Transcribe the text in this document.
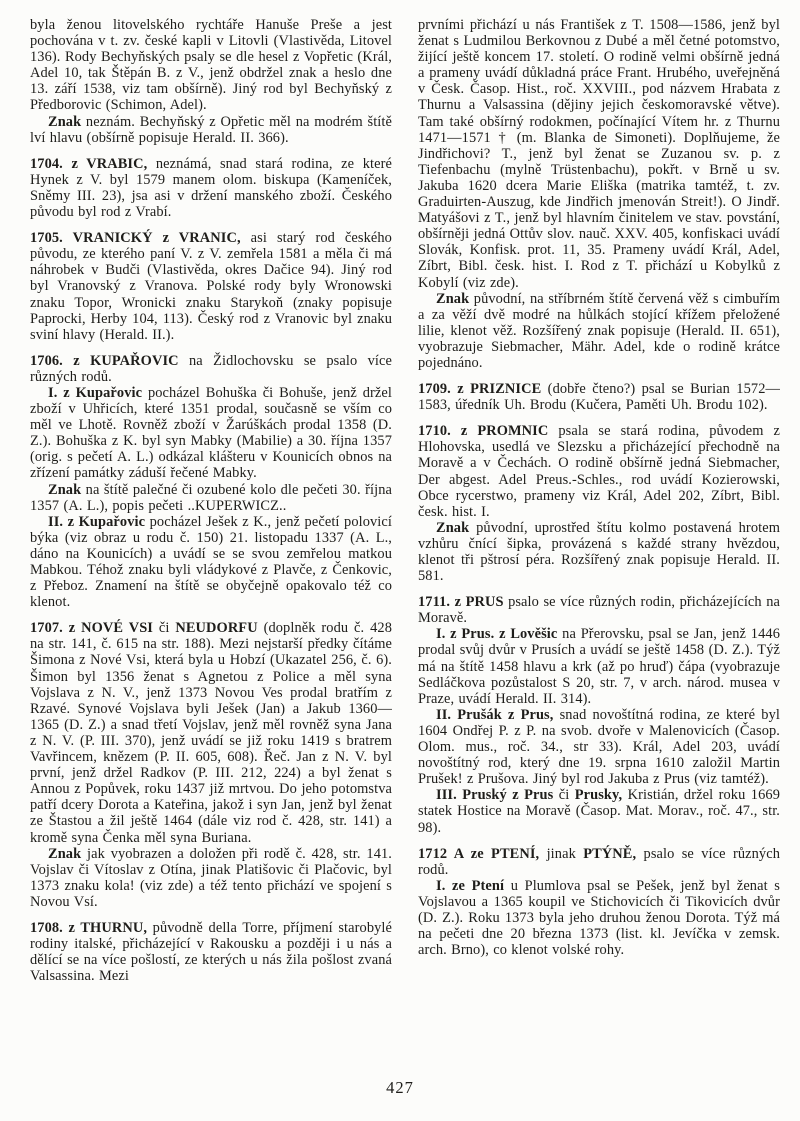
byla ženou litovelského rychtáře Hanuše Preše a jest pochována v t. zv. české kapli v Litovli (Vlastivěda, Litovel 136). Rody Bechyňských psaly se dle hesel z Vopřetic (Král, Adel 10, tak Štěpán B. z V., jenž obdržel znak a heslo dne 13. září 1538, viz tam obšírně). Jiný rod byl Bechyňský z Předborovic (Schimon, Adel).

Znak neznám. Bechyňský z Opřetic měl na modrém štítě lví hlavu (obšírně popisuje Herald. II. 366).

1704. z VRABIC, neznámá, snad stará rodina, ze které Hynek z V. byl 1579 manem olom. biskupa (Kameníček, Sněmy III. 23), jsa asi v držení manského zboží. Českého původu byl rod z Vrabí.

1705. VRANICKÝ z VRANIC, asi starý rod českého původu, ze kterého paní V. z V. zemřela 1581 a měla či má náhrobek v Budči (Vlastivěda, okres Dačice 94). Jiný rod byl Vranovský z Vranova. Polské rody byly Wronowski znaku Topor, Wronicki znaku Starykoň (znaky popisuje Paprocki, Herby 104, 113). Český rod z Vranovic byl znaku sviní hlavy (Herald. II.).

1706. z KUPAŘOVIC na Židlochovsku se psalo více různých rodů.

I. z Kupařovic pocházel Bohuška či Bohuše, jenž držel zboží v Uhřicích, které 1351 prodal, současně se vším co měl ve Lhotě. Rovněž zboží v Žarúškách prodal 1358 (D. Z.). Bohuška z K. byl syn Mabky (Mabilie) a 30. října 1357 (orig. s pečetí A. L.) odkázal klášteru v Kounicích obnos na zřízení památky záduší řečené Mabky.

Znak na štítě palečné či ozubené kolo dle pečeti 30. října 1357 (A. L.), popis pečeti ..KUPERWICZ..

II. z Kupařovic pocházel Ješek z K., jenž pečetí polovicí býka (viz obraz u rodu č. 150) 21. listopadu 1337 (A. L., dáno na Kounicích) a uvádí se se svou zemřelou matkou Mabkou. Téhož znaku byli vládykové z Plavče, z Čenkovic, z Přeboz. Znamení na štítě se obyčejně opakovalo též co klenot.

1707. z NOVÉ VSI či NEUDORFU (doplněk rodu č. 428 na str. 141, č. 615 na str. 188). Mezi nejstarší předky čítáme Šimona z Nové Vsi, která byla u Hobzí (Ukazatel 256, č. 6). Šimon byl 1356 ženat s Agnetou z Police a měl syna Vojslava z N. V., jenž 1373 Novou Ves prodal bratřím z Rzavé. Synové Vojslava byli Ješek (Jan) a Jakub 1360—1365 (D. Z.) a snad třetí Vojslav, jenž měl rovněž syna Jana z N. V. (P. III. 370), jenž uvádí se již roku 1419 s bratrem Vavřincem, knězem (P. II. 605, 608). Řeč. Jan z N. V. byl první, jenž držel Radkov (P. III. 212, 224) a byl ženat s Annou z Popůvek, roku 1437 již mrtvou. Do jeho potomstva patří dcery Dorota a Kateřina, jakož i syn Jan, jenž byl ženat ze Štastou a žil ještě 1464 (dále viz rod č. 428, str. 141) a kromě syna Čenka měl syna Buriana.

Znak jak vyobrazen a doložen při rodě č. 428, str. 141. Vojslav či Vítoslav z Otína, jinak Platišovic či Plačovic, byl 1373 znaku kola! (viz zde) a též tento přichází ve spojení s Novou Vsí.

1708. z THURNU, původně della Torre, příjmení starobylé rodiny italské, přicházející v Rakousku a později i u nás a dělící se na více pošlostí, ze kterých u nás žila pošlost zvaná Valsassina. Mezi

prvními přichází u nás František z T. 1508—1586, jenž byl ženat s Ludmilou Berkovnou z Dubé a měl četné potomstvo, žijící ještě koncem 17. století. O rodině velmi obšírně jedná a prameny uvádí důkladná práce Frant. Hrubého, uveřejněná v Česk. Časop. Hist., roč. XXVIII., pod názvem Hrabata z Thurnu a Valsassina (dějiny jejich českomoravské větve). Tam také obšírný rodokmen, počínající Vítem hr. z Thurnu 1471—1571 † (m. Blanka de Simoneti). Doplňujeme, že Jindřichovi? T., jenž byl ženat se Zuzanou sv. p. z Tiefenbachu (mylně Trüstenbachu), pokřt. v Brně u sv. Jakuba 1620 dcera Marie Eliška (matrika tamtéž, t. zv. Graduirten-Auszug, kde Jindřich jmenován Streit!). O Jindř. Matyášovi z T., jenž byl hlavním činitelem ve stav. povstání, obšírněji jedná Ottův slov. nauč. XXV. 405, konfiskaci uvádí Slovák, Konfisk. prot. 11, 35. Prameny uvádí Král, Adel, Zíbrt, Bibl. česk. hist. I. Rod z T. přichází u Kobylků z Kobylí (viz zde).

Znak původní, na stříbrném štítě červená věž s cimbuřím a za věží dvě modré na hůlkách stojící křížem přeložené lilie, klenot věž. Rozšířený znak popisuje (Herald. II. 651), vyobrazuje Siebmacher, Mähr. Adel, kde o rodině krátce pojednáno.

1709. z PRIZNICE (dobře čteno?) psal se Burian 1572—1583, úředník Uh. Brodu (Kučera, Paměti Uh. Brodu 102).

1710. z PROMNIC psala se stará rodina, původem z Hlohovska, usedlá ve Slezsku a přicházející přechodně na Moravě a v Čechách. O rodině obšírně jedná Siebmacher, Der abgest. Adel Preus.-Schles., rod uvádí Kozierowski, Obce rycerstwo, prameny viz Král, Adel 202, Zíbrt, Bibl. česk. hist. I.

Znak původní, uprostřed štítu kolmo postavená hrotem vzhůru čnící šipka, provázená s každé strany hvězdou, klenot tři pštrosí péra. Rozšířený znak popisuje Herald. II. 581.

1711. z PRUS psalo se více různých rodin, přicházejících na Moravě.

I. z Prus. z Lověšic na Přerovsku, psal se Jan, jenž 1446 prodal svůj dvůr v Prusích a uvádí se ještě 1458 (D. Z.). Týž má na štítě 1458 hlavu a krk (až po hruď) čápa (vyobrazuje Sedláčkova pozůstalost S 20, str. 7, v arch. národ. musea v Praze, uvádí Herald. II. 314).

II. Prušák z Prus, snad novoštítná rodina, ze které byl 1604 Ondřej P. z P. na svob. dvoře v Malenovicích (Časop. Olom. mus., roč. 34., str 33). Král, Adel 203, uvádí novoštítný rod, který dne 19. srpna 1610 založil Martin Prušek! z Prušova. Jiný byl rod Jakuba z Prus (viz tamtéž).

III. Pruský z Prus či Prusky, Kristián, držel roku 1669 statek Hostice na Moravě (Časop. Mat. Morav., roč. 47., str. 98).

1712 A ze PTENÍ, jinak PTÝNĚ, psalo se více různých rodů.

I. ze Ptení u Plumlova psal se Pešek, jenž byl ženat s Vojslavou a 1365 koupil ve Stichovicích či Tikovicích dvůr (D. Z.). Roku 1373 byla jeho druhou ženou Dorota. Týž má na pečeti dne 20 března 1373 (list. kl. Jevíčka v zemsk. arch. Brno), co klenot volské rohy.

427
